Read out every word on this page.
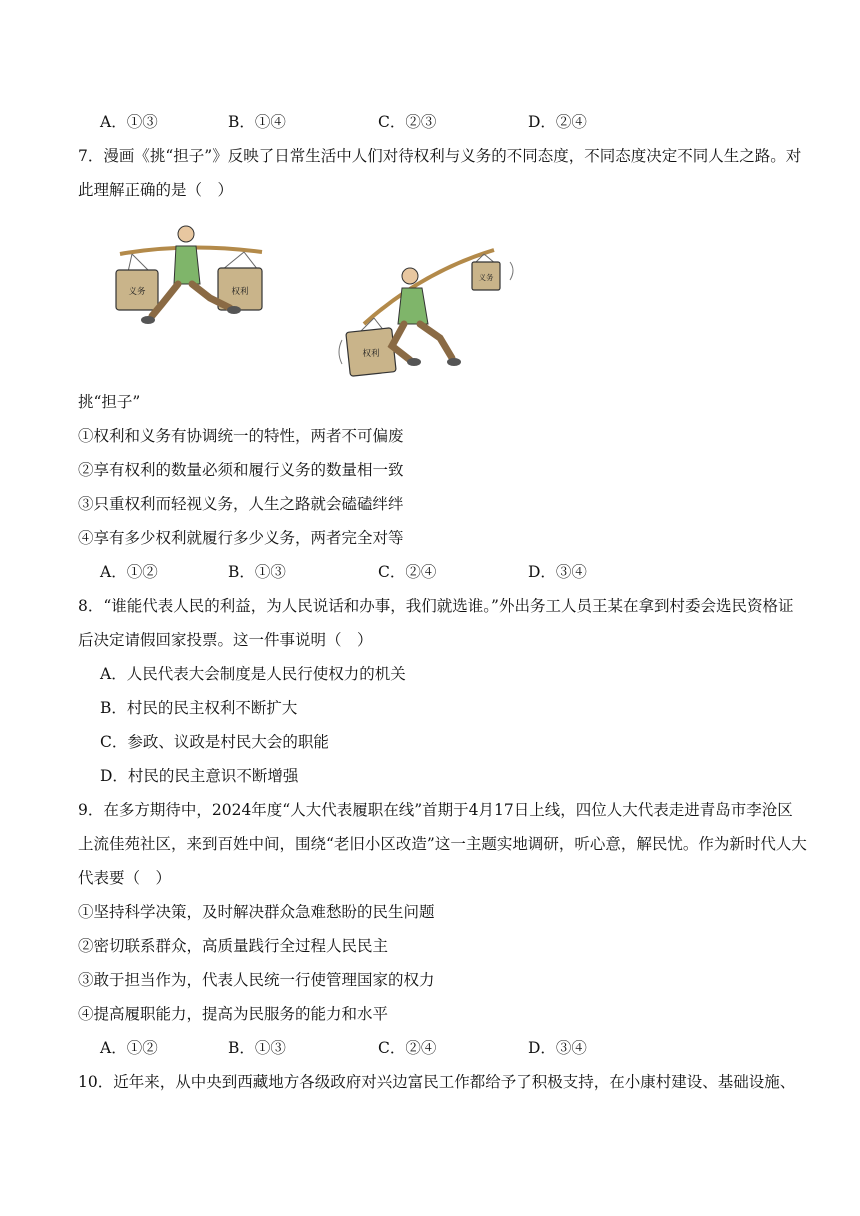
A．①③	B．①④	C．②③	D．②④
7．漫画《挑“担子”》反映了日常生活中人们对待权利与义务的不同态度，不同态度决定不同人生之路。对
此理解正确的是（　）
义务	权利
权利
义务
挑“担子”
①权利和义务有协调统一的特性，两者不可偏废
②享有权利的数量必须和履行义务的数量相一致
③只重权利而轻视义务，人生之路就会磕磕绊绊
④享有多少权利就履行多少义务，两者完全对等
A．①②	B．①③	C．②④	D．③④
8．“谁能代表人民的利益，为人民说话和办事，我们就选谁。”外出务工人员王某在拿到村委会选民资格证
后决定请假回家投票。这一件事说明（　）
A．人民代表大会制度是人民行使权力的机关
B．村民的民主权利不断扩大
C．参政、议政是村民大会的职能
D．村民的民主意识不断增强
9．在多方期待中，2024年度“人大代表履职在线”首期于4月17日上线，四位人大代表走进青岛市李沧区
上流佳苑社区，来到百姓中间，围绕“老旧小区改造”这一主题实地调研，听心意，解民忧。作为新时代人大
代表要（　）
①坚持科学决策，及时解决群众急难愁盼的民生问题
②密切联系群众，高质量践行全过程人民民主
③敢于担当作为，代表人民统一行使管理国家的权力
④提高履职能力，提高为民服务的能力和水平
A．①②	B．①③	C．②④	D．③④
10．近年来，从中央到西藏地方各级政府对兴边富民工作都给予了积极支持，在小康村建设、基础设施、
